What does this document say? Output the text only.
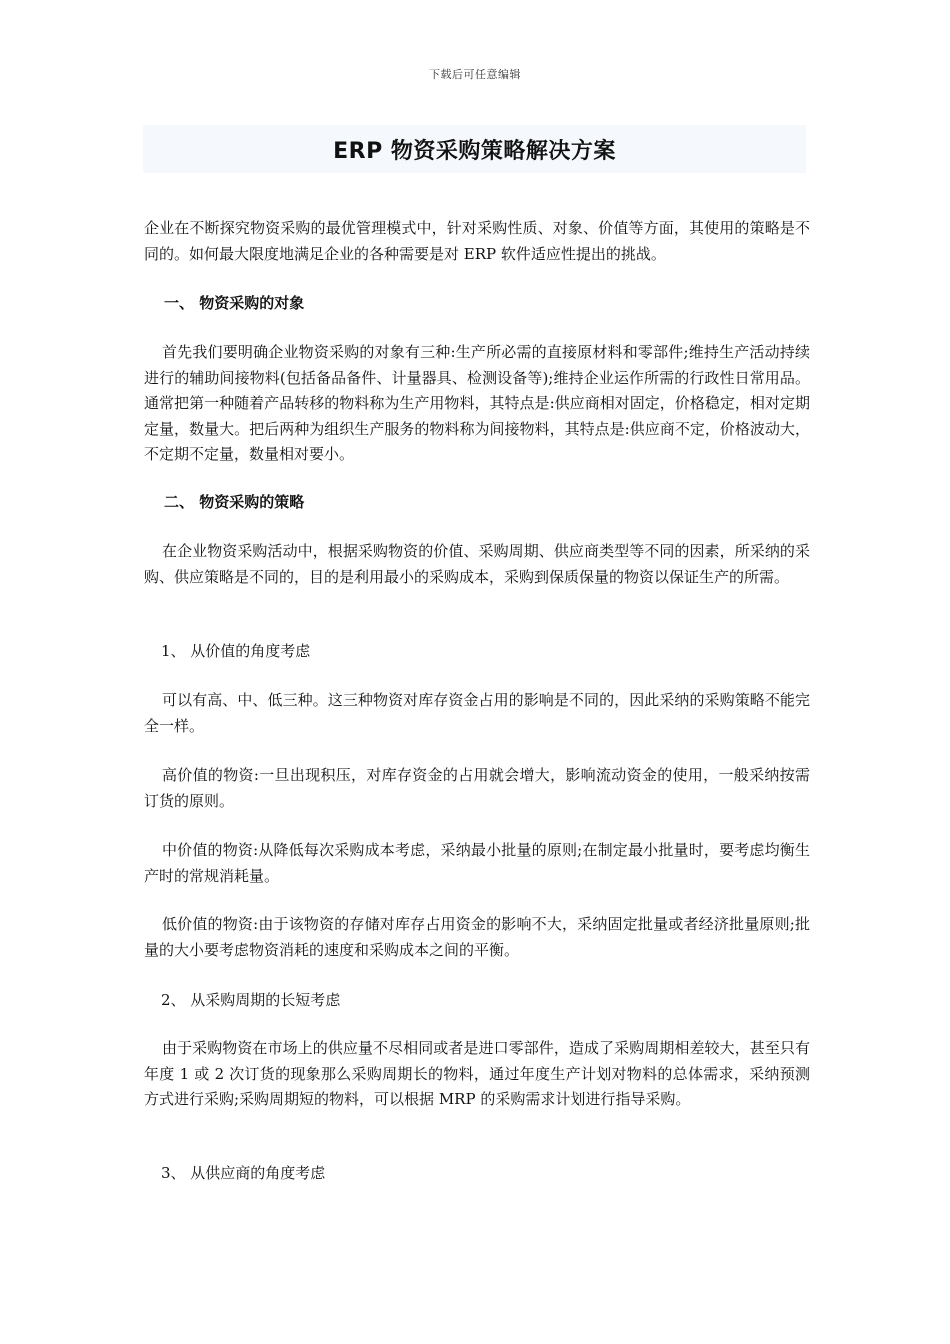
下载后可任意编辑
ERP 物资采购策略解决方案

企业在不断探究物资采购的最优管理模式中，针对采购性质、对象、价值等方面，其使用的策略是不同的。如何最大限度地满足企业的各种需要是对 ERP 软件适应性提出的挑战。

一、 物资采购的对象

首先我们要明确企业物资采购的对象有三种:生产所必需的直接原材料和零部件;维持生产活动持续进行的辅助间接物料(包括备品备件、计量器具、检测设备等);维持企业运作所需的行政性日常用品。通常把第一种随着产品转移的物料称为生产用物料，其特点是:供应商相对固定，价格稳定，相对定期定量，数量大。把后两种为组织生产服务的物料称为间接物料，其特点是:供应商不定，价格波动大，不定期不定量，数量相对要小。

二、 物资采购的策略

在企业物资采购活动中，根据采购物资的价值、采购周期、供应商类型等不同的因素，所采纳的采购、供应策略是不同的，目的是利用最小的采购成本，采购到保质保量的物资以保证生产的所需。

1、 从价值的角度考虑

可以有高、中、低三种。这三种物资对库存资金占用的影响是不同的，因此采纳的采购策略不能完全一样。

高价值的物资:一旦出现积压，对库存资金的占用就会增大，影响流动资金的使用，一般采纳按需订货的原则。

中价值的物资:从降低每次采购成本考虑，采纳最小批量的原则;在制定最小批量时，要考虑均衡生产时的常规消耗量。

低价值的物资:由于该物资的存储对库存占用资金的影响不大，采纳固定批量或者经济批量原则;批量的大小要考虑物资消耗的速度和采购成本之间的平衡。

2、 从采购周期的长短考虑

由于采购物资在市场上的供应量不尽相同或者是进口零部件，造成了采购周期相差较大，甚至只有年度 1 或 2 次订货的现象那么采购周期长的物料，通过年度生产计划对物料的总体需求，采纳预测方式进行采购;采购周期短的物料，可以根据 MRP 的采购需求计划进行指导采购。

3、 从供应商的角度考虑
